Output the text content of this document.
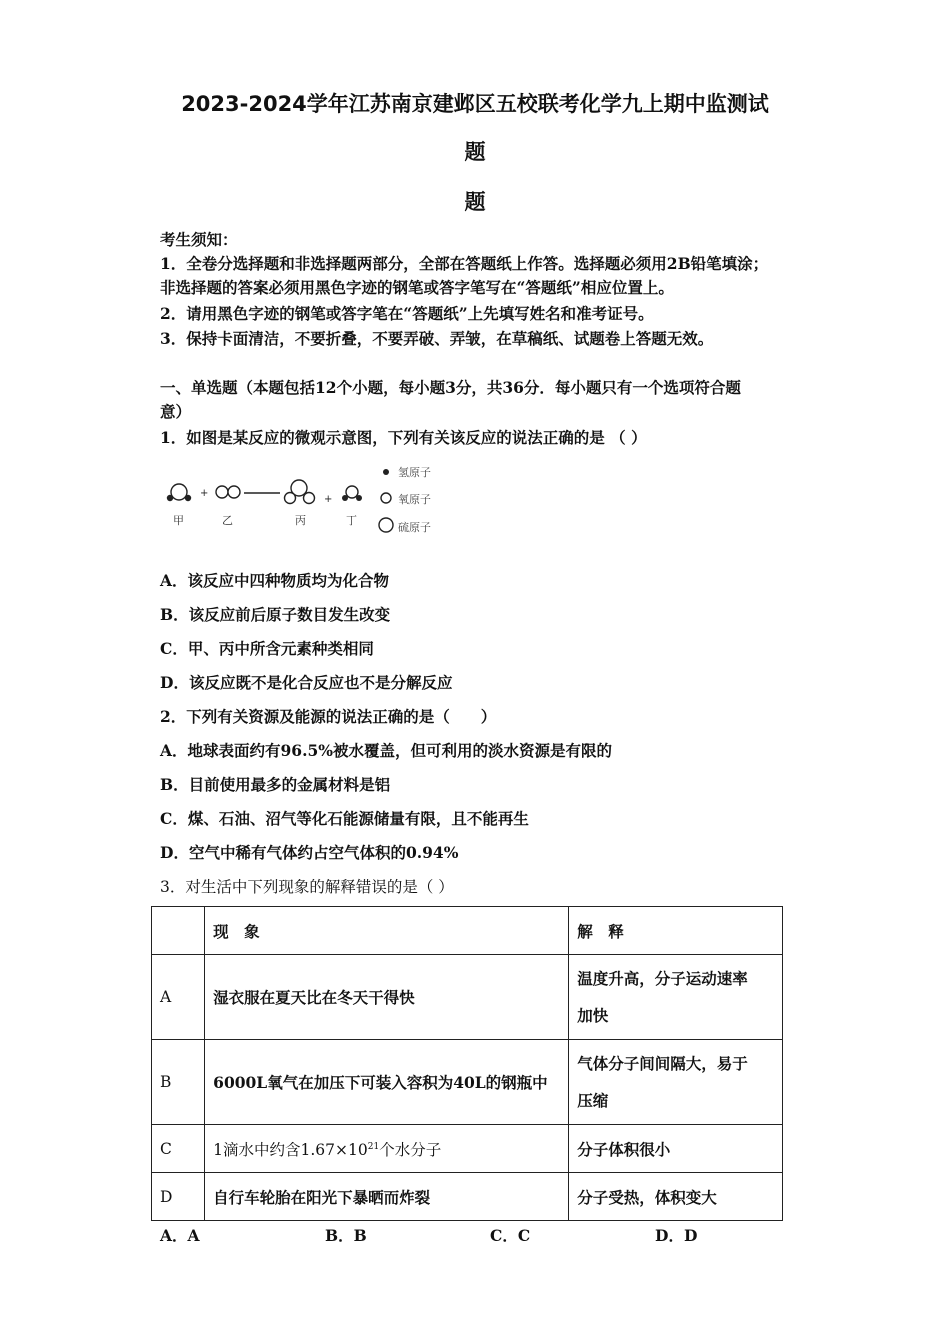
2023-2024学年江苏南京建邺区五校联考化学九上期中监测试
题
题
考生须知：
1．全卷分选择题和非选择题两部分，全部在答题纸上作答。选择题必须用2B铅笔填涂；
非选择题的答案必须用黑色字迹的钢笔或答字笔写在“答题纸”相应位置上。
2．请用黑色字迹的钢笔或答字笔在“答题纸”上先填写姓名和准考证号。
3．保持卡面清洁，不要折叠，不要弄破、弄皱，在草稿纸、试题卷上答题无效。
一、单选题（本题包括12个小题，每小题3分，共36分．每小题只有一个选项符合题
意）
1．如图是某反应的微观示意图，下列有关该反应的说法正确的是 （ ）
+
+
甲	乙	丙	丁
氢原子
氧原子
硫原子
A．该反应中四种物质均为化合物
B．该反应前后原子数目发生改变
C．甲、丙中所含元素种类相同
D．该反应既不是化合反应也不是分解反应
2．下列有关资源及能源的说法正确的是（　　）
A．地球表面约有96.5%被水覆盖，但可利用的淡水资源是有限的
B．目前使用最多的金属材料是铝
C．煤、石油、沼气等化石能源储量有限，且不能再生
D．空气中稀有气体约占空气体积的0.94%
3．对生活中下列现象的解释错误的是（ ）
	现　象	解　释
A	湿衣服在夏天比在冬天干得快	温度升高，分子运动速率
加快

B	6000L氧气在加压下可装入容积为40L的钢瓶中	气体分子间间隔大，易于
压缩

C	1滴水中约含$1.67\times 10^{21}$个水分子	分子体积很小
D	自行车轮胎在阳光下暴晒而炸裂	分子受热，体积变大
A．A	B．B	C．C	D．D
